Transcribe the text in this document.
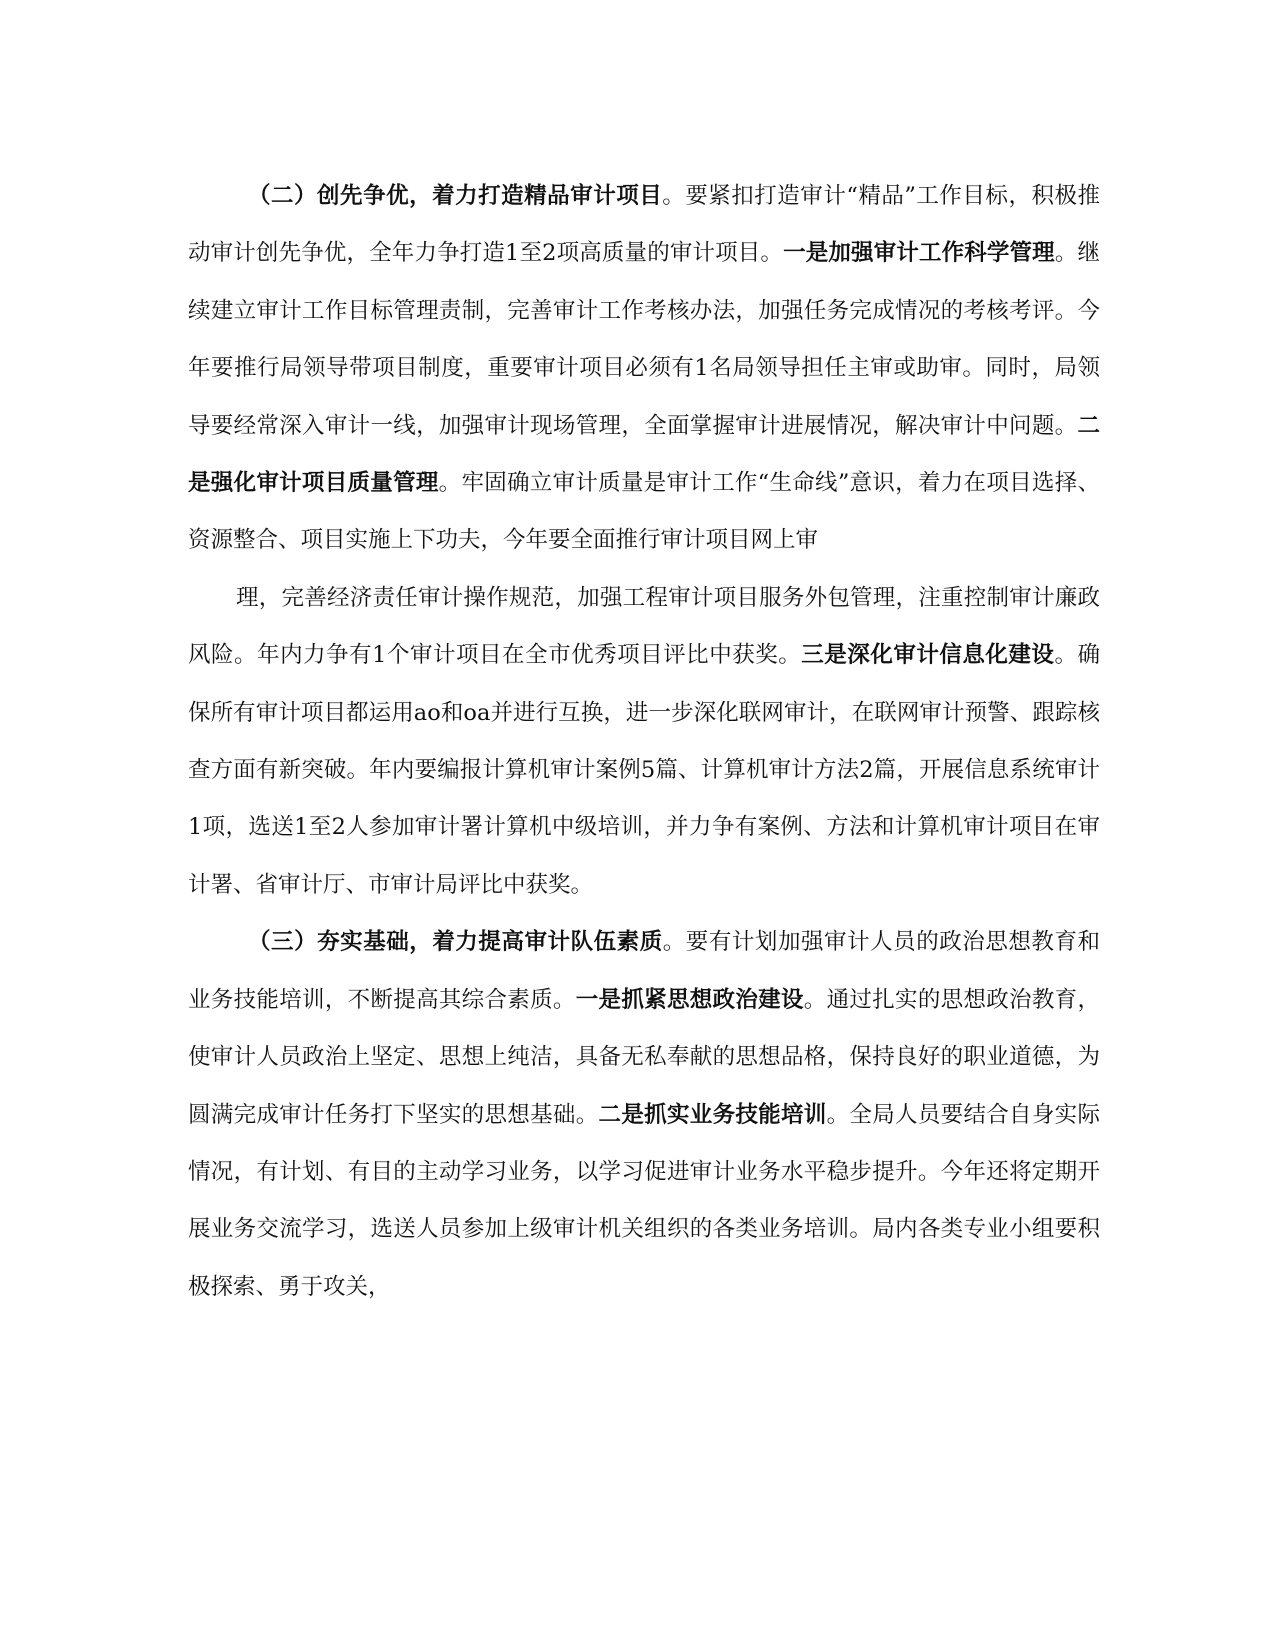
（二）创先争优，着力打造精品审计项目。要紧扣打造审计“精品”工作目标，积极推动审计创先争优，全年力争打造1至2项高质量的审计项目。一是加强审计工作科学管理。继续建立审计工作目标管理责制，完善审计工作考核办法，加强任务完成情况的考核考评。今年要推行局领导带项目制度，重要审计项目必须有1名局领导担任主审或助审。同时，局领导要经常深入审计一线，加强审计现场管理，全面掌握审计进展情况，解决审计中问题。二是强化审计项目质量管理。牢固确立审计质量是审计工作“生命线”意识，着力在项目选择、资源整合、项目实施上下功夫，今年要全面推行审计项目网上审

理，完善经济责任审计操作规范，加强工程审计项目服务外包管理，注重控制审计廉政风险。年内力争有1个审计项目在全市优秀项目评比中获奖。三是深化审计信息化建设。确保所有审计项目都运用ao和oa并进行互换，进一步深化联网审计，在联网审计预警、跟踪核查方面有新突破。年内要编报计算机审计案例5篇、计算机审计方法2篇，开展信息系统审计1项，选送1至2人参加审计署计算机中级培训，并力争有案例、方法和计算机审计项目在审计署、省审计厅、市审计局评比中获奖。

（三）夯实基础，着力提高审计队伍素质。要有计划加强审计人员的政治思想教育和业务技能培训，不断提高其综合素质。一是抓紧思想政治建设。通过扎实的思想政治教育，使审计人员政治上坚定、思想上纯洁，具备无私奉献的思想品格，保持良好的职业道德，为圆满完成审计任务打下坚实的思想基础。二是抓实业务技能培训。全局人员要结合自身实际情况，有计划、有目的主动学习业务，以学习促进审计业务水平稳步提升。今年还将定期开展业务交流学习，选送人员参加上级审计机关组织的各类业务培训。局内各类专业小组要积极探索、勇于攻关，
